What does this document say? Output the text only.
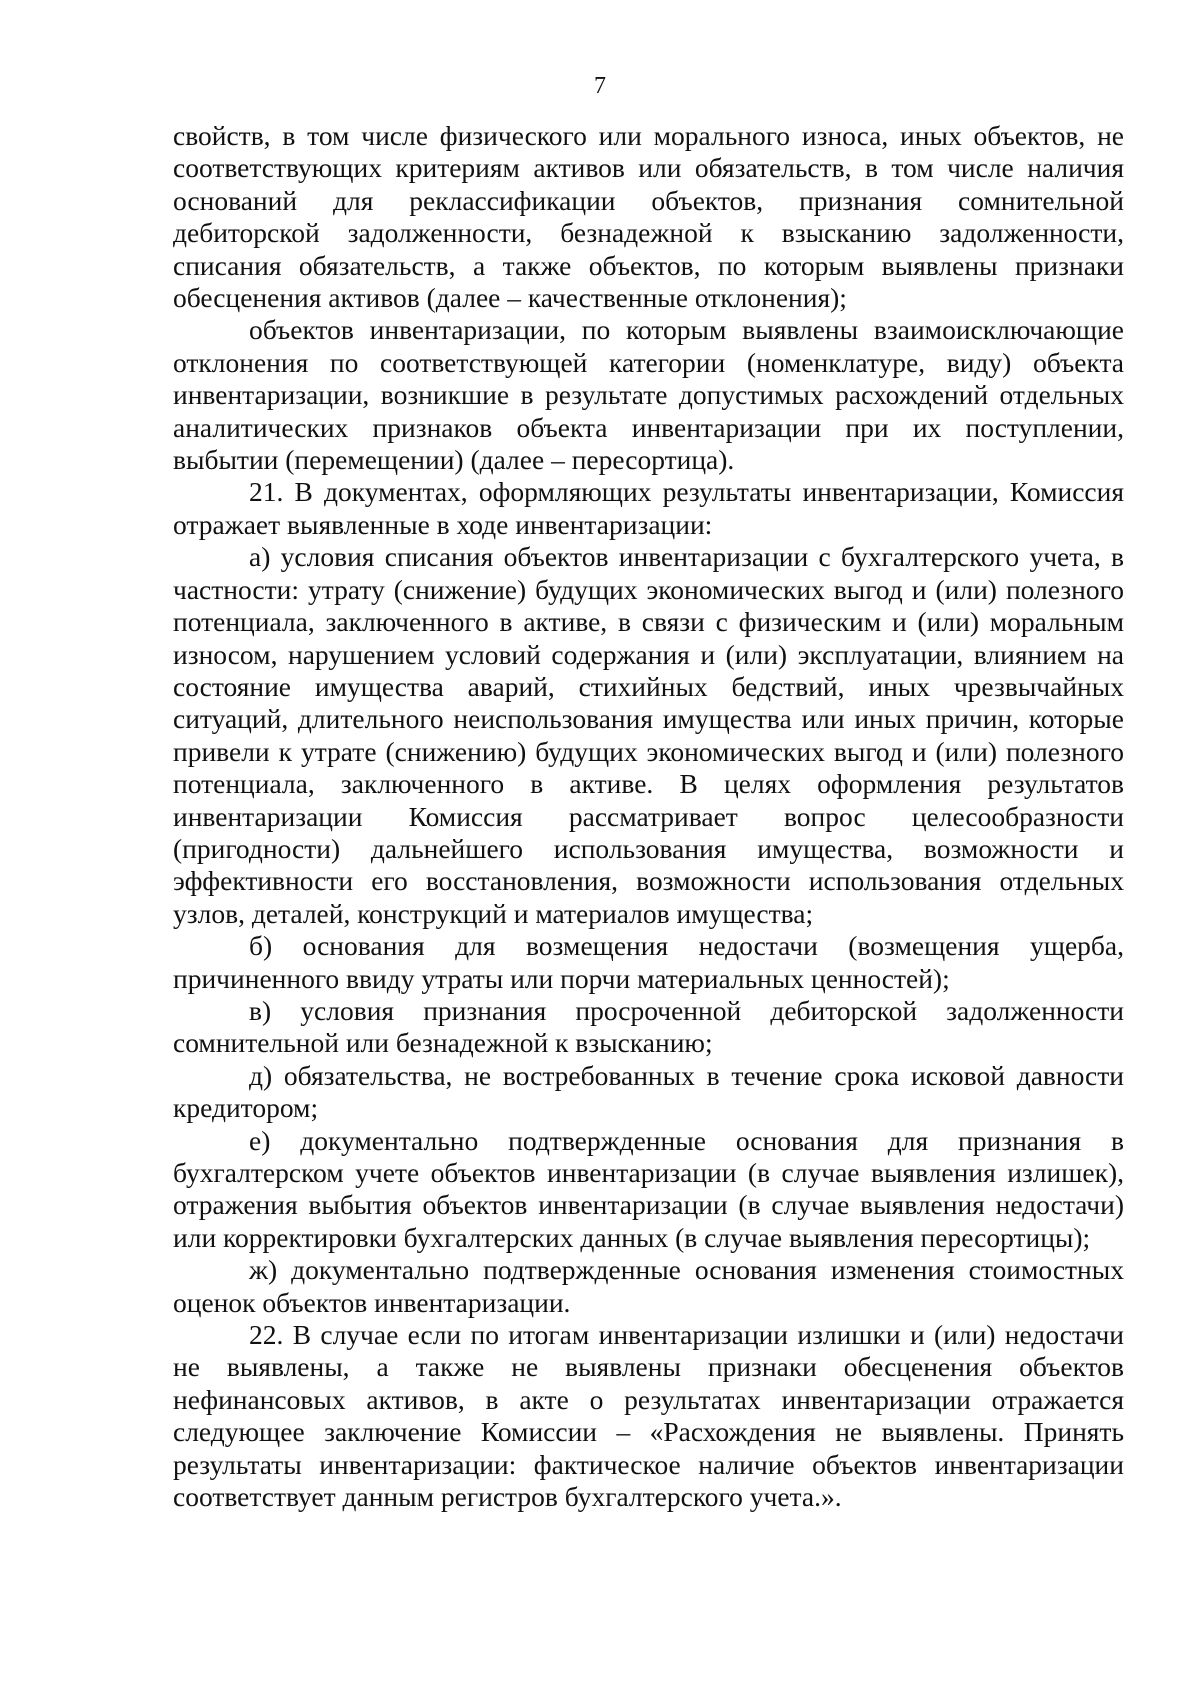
7

свойств, в том числе физического или морального износа, иных объектов, не соответствующих критериям активов или обязательств, в том числе наличия оснований для реклассификации объектов, признания сомнительной дебиторской задолженности, безнадежной к взысканию задолженности, списания обязательств, а также объектов, по которым выявлены признаки обесценения активов (далее – качественные отклонения);

объектов инвентаризации, по которым выявлены взаимоисключающие отклонения по соответствующей категории (номенклатуре, виду) объекта инвентаризации, возникшие в результате допустимых расхождений отдельных аналитических признаков объекта инвентаризации при их поступлении, выбытии (перемещении) (далее – пересортица).

21. В документах, оформляющих результаты инвентаризации, Комиссия отражает выявленные в ходе инвентаризации:

а) условия списания объектов инвентаризации с бухгалтерского учета, в частности: утрату (снижение) будущих экономических выгод и (или) полезного потенциала, заключенного в активе, в связи с физическим и (или) моральным износом, нарушением условий содержания и (или) эксплуатации, влиянием на состояние имущества аварий, стихийных бедствий, иных чрезвычайных ситуаций, длительного неиспользования имущества или иных причин, которые привели к утрате (снижению) будущих экономических выгод и (или) полезного потенциала, заключенного в активе. В целях оформления результатов инвентаризации Комиссия рассматривает вопрос целесообразности (пригодности) дальнейшего использования имущества, возможности и эффективности его восстановления, возможности использования отдельных узлов, деталей, конструкций и материалов имущества;

б) основания для возмещения недостачи (возмещения ущерба, причиненного ввиду утраты или порчи материальных ценностей);

в) условия признания просроченной дебиторской задолженности сомнительной или безнадежной к взысканию;

д) обязательства, не востребованных в течение срока исковой давности кредитором;

е) документально подтвержденные основания для признания в бухгалтерском учете объектов инвентаризации (в случае выявления излишек), отражения выбытия объектов инвентаризации (в случае выявления недостачи) или корректировки бухгалтерских данных (в случае выявления пересортицы);

ж) документально подтвержденные основания изменения стоимостных оценок объектов инвентаризации.

22. В случае если по итогам инвентаризации излишки и (или) недостачи не выявлены, а также не выявлены признаки обесценения объектов нефинансовых активов, в акте о результатах инвентаризации отражается следующее заключение Комиссии – «Расхождения не выявлены. Принять результаты инвентаризации: фактическое наличие объектов инвентаризации соответствует данным регистров бухгалтерского учета.».
